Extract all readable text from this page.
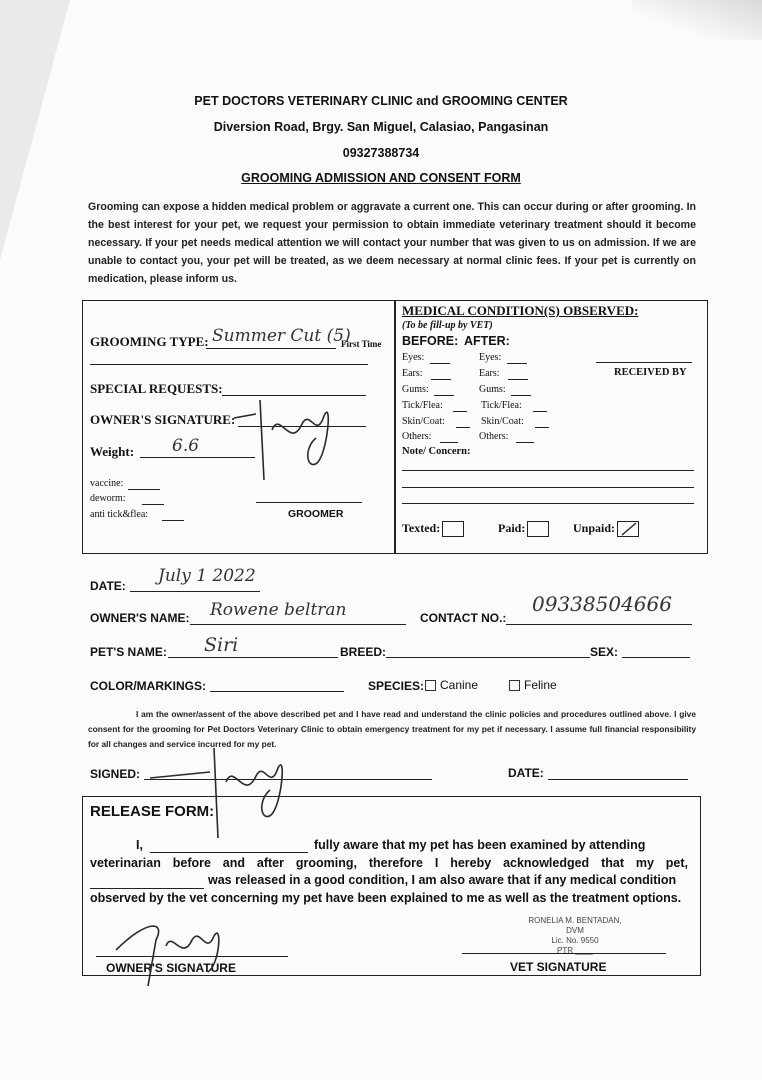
PET DOCTORS VETERINARY CLINIC and GROOMING CENTER
Diversion Road, Brgy. San Miguel, Calasiao, Pangasinan
09327388734
GROOMING ADMISSION AND CONSENT FORM
Grooming can expose a hidden medical problem or aggravate a current one. This can occur during or after grooming. In the best interest for your pet, we request your permission to obtain immediate veterinary treatment should it become necessary. If your pet needs medical attention we will contact your number that was given to us on admission. If we are unable to contact you, your pet will be treated, as we deem necessary at normal clinic fees. If your pet is currently on medication, please inform us.
GROOMING TYPE: Summer Cut (5)
First Time
SPECIAL REQUESTS:
OWNER'S SIGNATURE:
Weight: 6.6
vaccine:
deworm:
anti tick&flea:	GROOMER
MEDICAL CONDITION(S) OBSERVED:
(To be fill-up by VET)
BEFORE: AFTER:
Eyes:	Eyes:
Ears:	Ears:
Gums:	Gums:
Tick/Flea:	Tick/Flea:
Skin/Coat:	Skin/Coat:
Others:	Others:
RECEIVED BY
Note/ Concern:
Texted:	Paid:	Unpaid:
DATE: July 1 2022
OWNER'S NAME: Rowene beltran	CONTACT NO.:
09338504666
PET'S NAME: Siri	BREED:	SEX:
COLOR/MARKINGS:	SPECIES:	Canine	Feline
I am the owner/assent of the above described pet and I have read and understand the clinic policies and procedures outlined above. I give consent for the grooming for Pet Doctors Veterinary Clinic to obtain emergency treatment for my pet if necessary. I assume full financial responsibility for all changes and service incurred for my pet.
SIGNED:	DATE:
RELEASE FORM:
I,	fully aware that my pet has been examined by attending
veterinarian before and after grooming, therefore I hereby acknowledged that my pet,
was released in a good condition, I am also aware that if any medical condition
observed by the vet concerning my pet have been explained to me as well as the treatment options.
RONELIA M. BENTADAN, DVM
Lic. No. 9550
PTR ____
OWNER'S SIGNATURE	VET SIGNATURE
